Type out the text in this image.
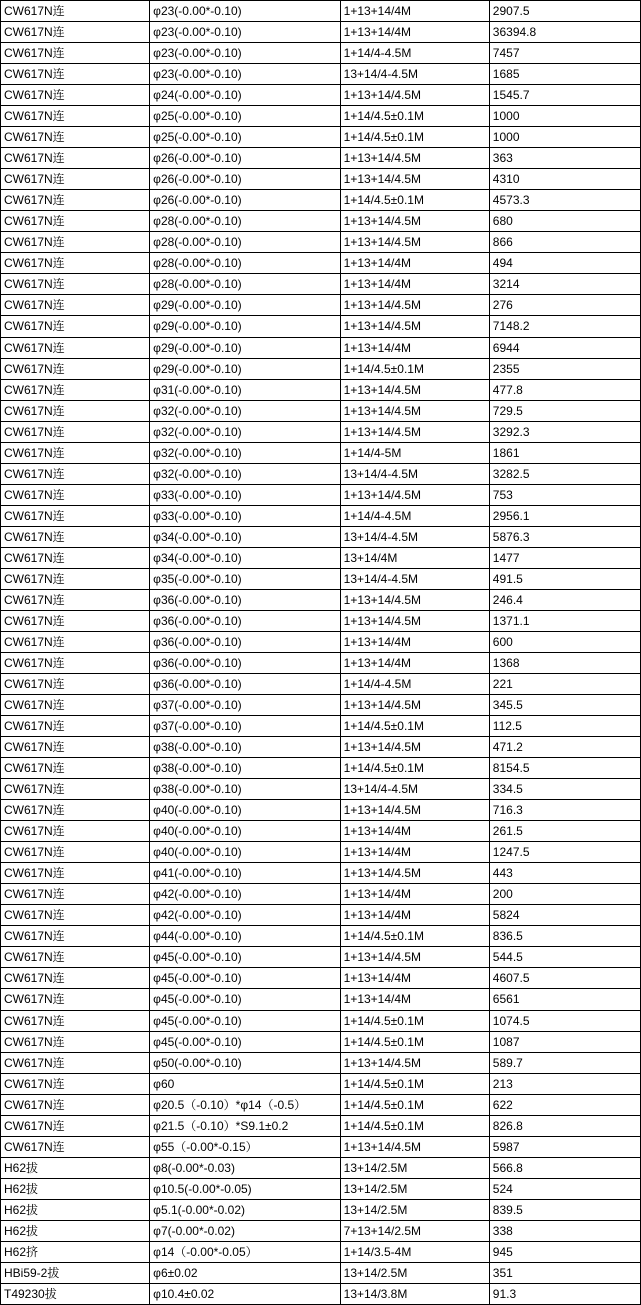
CW617N连	φ23(-0.00*-0.10)	1+13+14/4M	2907.5
CW617N连	φ23(-0.00*-0.10)	1+13+14/4M	36394.8
CW617N连	φ23(-0.00*-0.10)	1+14/4-4.5M	7457
CW617N连	φ23(-0.00*-0.10)	13+14/4-4.5M	1685
CW617N连	φ24(-0.00*-0.10)	1+13+14/4.5M	1545.7
CW617N连	φ25(-0.00*-0.10)	1+14/4.5±0.1M	1000
CW617N连	φ25(-0.00*-0.10)	1+14/4.5±0.1M	1000
CW617N连	φ26(-0.00*-0.10)	1+13+14/4.5M	363
CW617N连	φ26(-0.00*-0.10)	1+13+14/4.5M	4310
CW617N连	φ26(-0.00*-0.10)	1+14/4.5±0.1M	4573.3
CW617N连	φ28(-0.00*-0.10)	1+13+14/4.5M	680
CW617N连	φ28(-0.00*-0.10)	1+13+14/4.5M	866
CW617N连	φ28(-0.00*-0.10)	1+13+14/4M	494
CW617N连	φ28(-0.00*-0.10)	1+13+14/4M	3214
CW617N连	φ29(-0.00*-0.10)	1+13+14/4.5M	276
CW617N连	φ29(-0.00*-0.10)	1+13+14/4.5M	7148.2
CW617N连	φ29(-0.00*-0.10)	1+13+14/4M	6944
CW617N连	φ29(-0.00*-0.10)	1+14/4.5±0.1M	2355
CW617N连	φ31(-0.00*-0.10)	1+13+14/4.5M	477.8
CW617N连	φ32(-0.00*-0.10)	1+13+14/4.5M	729.5
CW617N连	φ32(-0.00*-0.10)	1+13+14/4.5M	3292.3
CW617N连	φ32(-0.00*-0.10)	1+14/4-5M	1861
CW617N连	φ32(-0.00*-0.10)	13+14/4-4.5M	3282.5
CW617N连	φ33(-0.00*-0.10)	1+13+14/4.5M	753
CW617N连	φ33(-0.00*-0.10)	1+14/4-4.5M	2956.1
CW617N连	φ34(-0.00*-0.10)	13+14/4-4.5M	5876.3
CW617N连	φ34(-0.00*-0.10)	13+14/4M	1477
CW617N连	φ35(-0.00*-0.10)	13+14/4-4.5M	491.5
CW617N连	φ36(-0.00*-0.10)	1+13+14/4.5M	246.4
CW617N连	φ36(-0.00*-0.10)	1+13+14/4.5M	1371.1
CW617N连	φ36(-0.00*-0.10)	1+13+14/4M	600
CW617N连	φ36(-0.00*-0.10)	1+13+14/4M	1368
CW617N连	φ36(-0.00*-0.10)	1+14/4-4.5M	221
CW617N连	φ37(-0.00*-0.10)	1+13+14/4.5M	345.5
CW617N连	φ37(-0.00*-0.10)	1+14/4.5±0.1M	112.5
CW617N连	φ38(-0.00*-0.10)	1+13+14/4.5M	471.2
CW617N连	φ38(-0.00*-0.10)	1+14/4.5±0.1M	8154.5
CW617N连	φ38(-0.00*-0.10)	13+14/4-4.5M	334.5
CW617N连	φ40(-0.00*-0.10)	1+13+14/4.5M	716.3
CW617N连	φ40(-0.00*-0.10)	1+13+14/4M	261.5
CW617N连	φ40(-0.00*-0.10)	1+13+14/4M	1247.5
CW617N连	φ41(-0.00*-0.10)	1+13+14/4.5M	443
CW617N连	φ42(-0.00*-0.10)	1+13+14/4M	200
CW617N连	φ42(-0.00*-0.10)	1+13+14/4M	5824
CW617N连	φ44(-0.00*-0.10)	1+14/4.5±0.1M	836.5
CW617N连	φ45(-0.00*-0.10)	1+13+14/4.5M	544.5
CW617N连	φ45(-0.00*-0.10)	1+13+14/4M	4607.5
CW617N连	φ45(-0.00*-0.10)	1+13+14/4M	6561
CW617N连	φ45(-0.00*-0.10)	1+14/4.5±0.1M	1074.5
CW617N连	φ45(-0.00*-0.10)	1+14/4.5±0.1M	1087
CW617N连	φ50(-0.00*-0.10)	1+13+14/4.5M	589.7
CW617N连	φ60	1+14/4.5±0.1M	213
CW617N连	φ20.5（-0.10）*φ14（-0.5）	1+14/4.5±0.1M	622
CW617N连	φ21.5（-0.10）*S9.1±0.2	1+14/4.5±0.1M	826.8
CW617N连	φ55（-0.00*-0.15）	1+13+14/4.5M	5987
H62拔	φ8(-0.00*-0.03)	13+14/2.5M	566.8
H62拔	φ10.5(-0.00*-0.05)	13+14/2.5M	524
H62拔	φ5.1(-0.00*-0.02)	13+14/2.5M	839.5
H62拔	φ7(-0.00*-0.02)	7+13+14/2.5M	338
H62挤	φ14（-0.00*-0.05）	1+14/3.5-4M	945
HBi59-2拔	φ6±0.02	13+14/2.5M	351
T49230拔	φ10.4±0.02	13+14/3.8M	91.3
